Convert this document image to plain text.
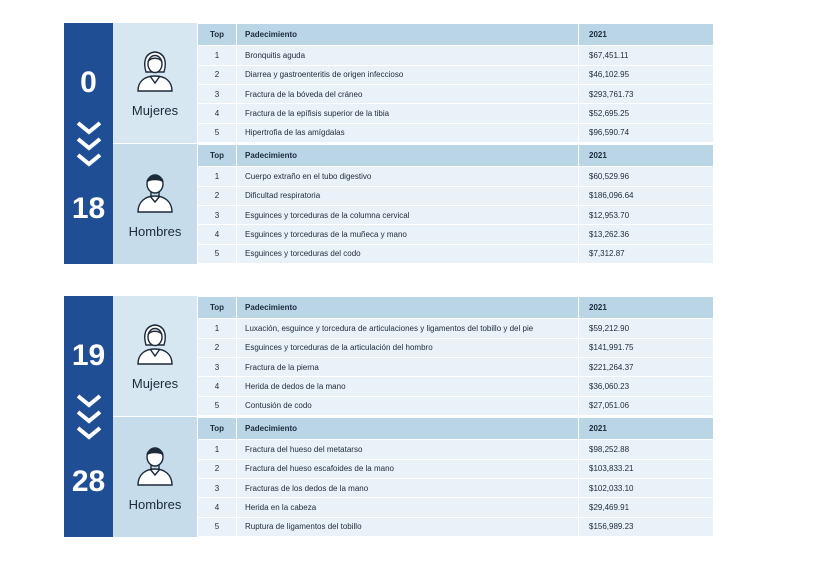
0
18
Mujeres
Hombres
Top	Padecimiento	2021
1	Bronquitis aguda	$67,451.11
2	Diarrea y gastroenteritis de origen infeccioso	$46,102.95
3	Fractura de la bóveda del cráneo	$293,761.73
4	Fractura de la epífisis superior de la tibia	$52,695.25
5	Hipertrofia de las amígdalas	$96,590.74
Top	Padecimiento	2021
1	Cuerpo extraño en el tubo digestivo	$60,529.96
2	Dificultad respiratoria	$186,096.64
3	Esguinces y torceduras de la columna cervical	$12,953.70
4	Esguinces y torceduras de la muñeca y mano	$13,262.36
5	Esguinces y torceduras del codo	$7,312.87
19
28
Mujeres
Hombres
Top	Padecimiento	2021
1	Luxación, esguince y torcedura de articulaciones y ligamentos del tobillo y del pie	$59,212.90
2	Esguinces y torceduras de la articulación del hombro	$141,991.75
3	Fractura de la pierna	$221,264.37
4	Herida de dedos de la mano	$36,060.23
5	Contusión de codo	$27,051.06
Top	Padecimiento	2021
1	Fractura del hueso del metatarso	$98,252.88
2	Fractura del hueso escafoides de la mano	$103,833.21
3	Fracturas de los dedos de la mano	$102,033.10
4	Herida en la cabeza	$29,469.91
5	Ruptura de ligamentos del tobillo	$156,989.23
